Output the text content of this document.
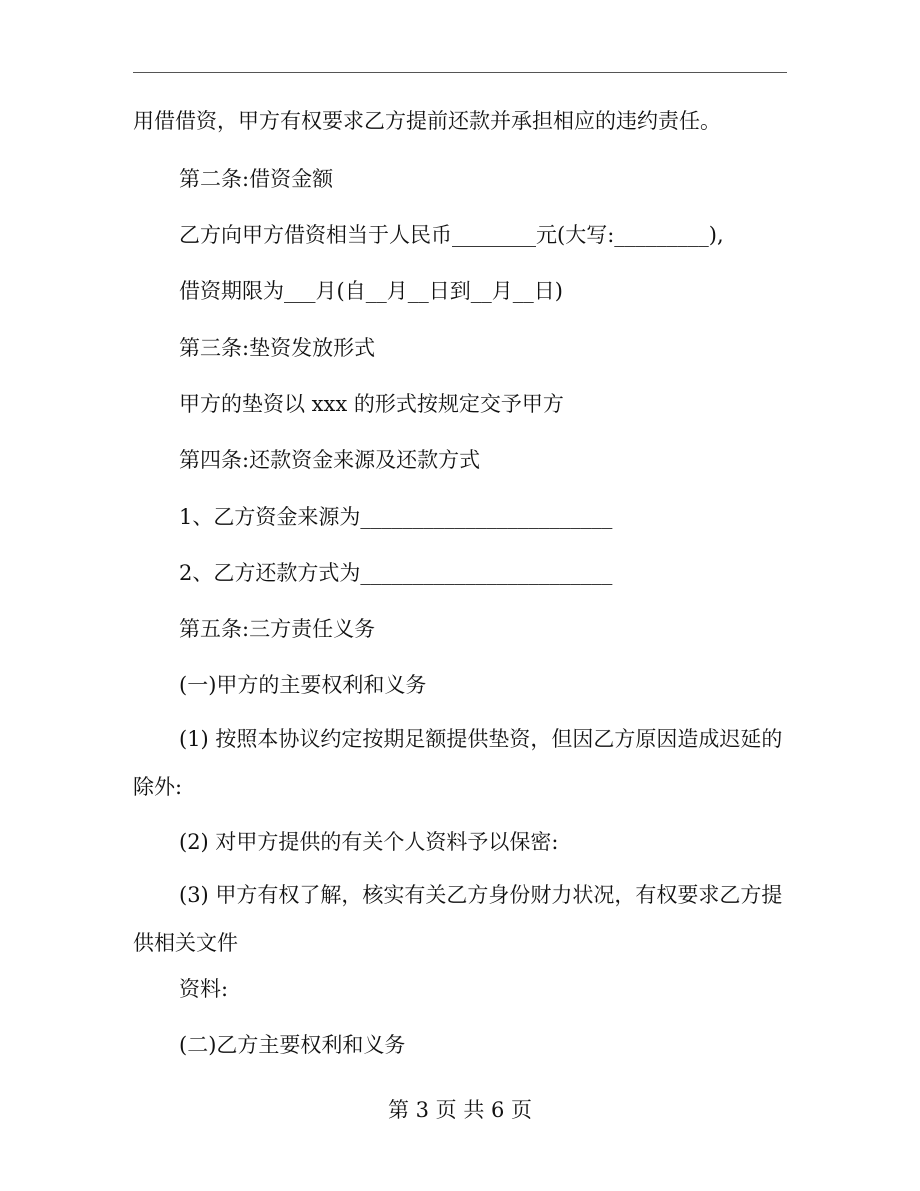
用借借资，甲方有权要求乙方提前还款并承担相应的违约责任。
第二条:借资金额
乙方向甲方借资相当于人民币________元(大写:_________),
借资期限为___月(自__月__日到__月__日)
第三条:垫资发放形式
甲方的垫资以 xxx 的形式按规定交予甲方
第四条:还款资金来源及还款方式
1、乙方资金来源为________________________
2、乙方还款方式为________________________
第五条:三方责任义务
(一)甲方的主要权利和义务
(1) 按照本协议约定按期足额提供垫资，但因乙方原因造成迟延的除外:
(2) 对甲方提供的有关个人资料予以保密:
(3) 甲方有权了解，核实有关乙方身份财力状况，有权要求乙方提供相关文件
资料:
(二)乙方主要权利和义务
第 3 页 共 6 页
